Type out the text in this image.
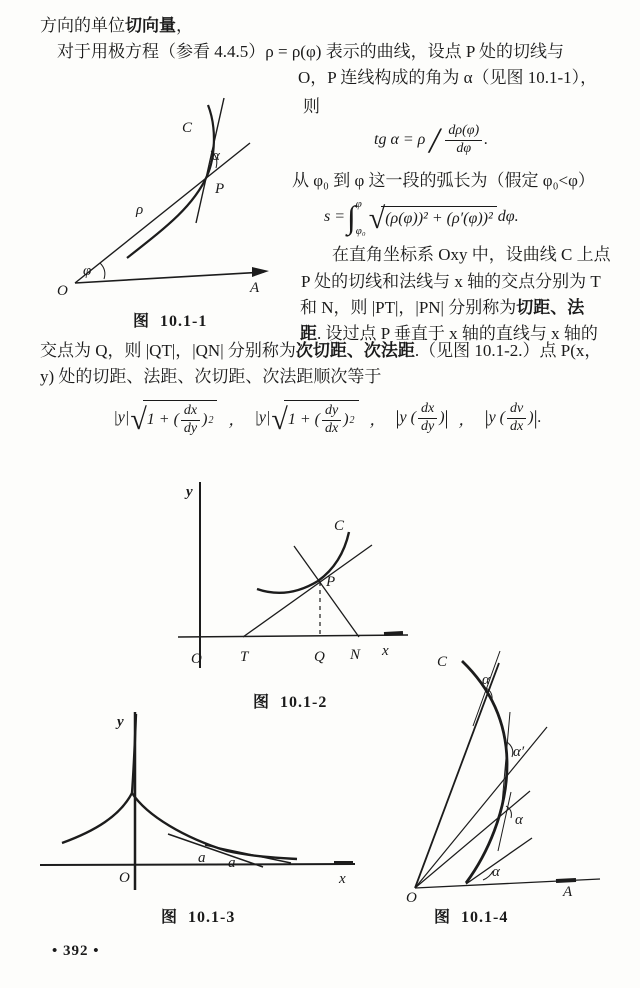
方向的单位切向量，
对于用极方程（参看 4.4.5）ρ = ρ(φ) 表示的曲线，设点 P 处的切线与
O，P 连线构成的角为 α（见图 10.1-1），
则
tg $\alpha = \rho / \frac{d\rho(\varphi)}{d\varphi}$ .
从 φ₀ 到 φ 这一段的弧长为（假定 φ₀<φ）
s = ∫ φ
φ₀ √ (ρ(φ))² + (ρ′(φ))² dφ.
在直角坐标系 Oxy 中，设曲线 C 上点
P 处的切线和法线与 x 轴的交点分别为 T
和 N，则 |PT|，|PN| 分别称为切距、法
距. 设过点 P 垂直于 x 轴的直线与 x 轴的
交点为 Q，则 |QT|，|QN| 分别称为次切距、次法距.（见图 10.1-2.）点 P(x，
y) 处的切距、法距、次切距、次法距顺次等于
|y| √ 1 + ( $\frac{dx}{dy}$ ) 2 ， |y| √ 1 + ( $\frac{dy}{dx}$ ) 2 ， | y ( $\frac{dx}{dy}$ ) | ， | y ( $\frac{dv}{dx}$ ) | .
C
α
P
ρ
φ
O	A
图  10.1-1
y
x
O	T	Q N
C
P
图  10.1-2
y
x
O
a a
图  10.1-3
C
α
α′
α
α
O	A
图  10.1-4
• 392 •
